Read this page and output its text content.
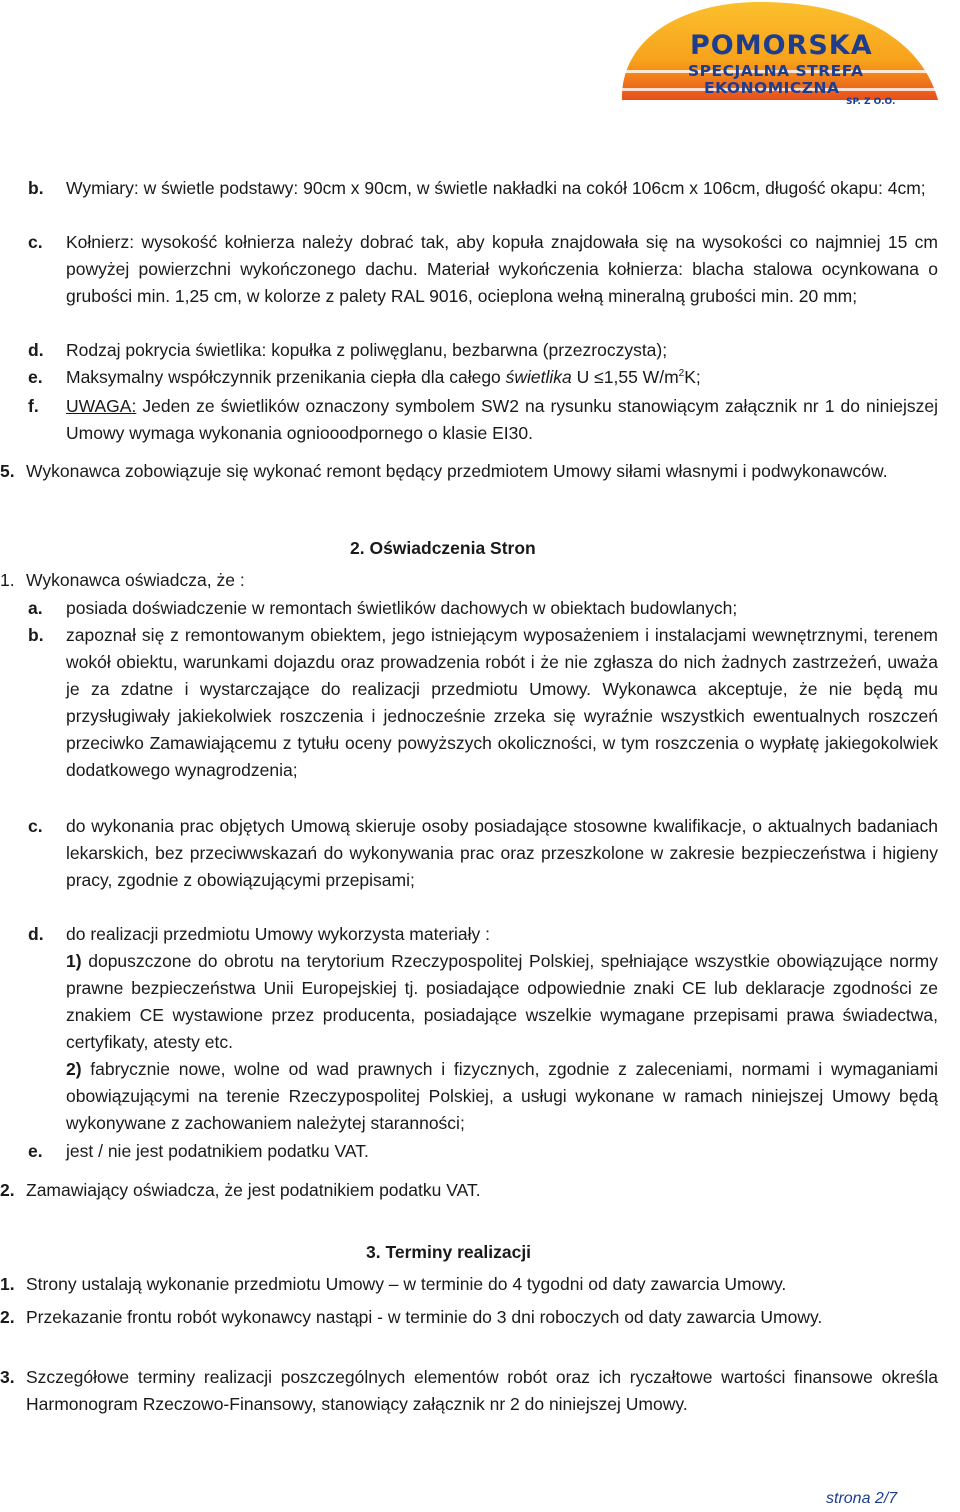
POMORSKA
SPECJALNA STREFA
EKONOMICZNA
SP. Z O.O.
b. Wymiary: w świetle podstawy: 90cm x 90cm, w świetle nakładki na cokół 106cm x 106cm, długość okapu: 4cm;
c. Kołnierz: wysokość kołnierza należy dobrać tak, aby kopuła znajdowała się na wysokości co najmniej 15 cm powyżej powierzchni wykończonego dachu. Materiał wykończenia kołnierza: blacha stalowa ocynkowana o grubości min. 1,25 cm, w kolorze z palety RAL 9016, ocieplona wełną mineralną grubości min. 20 mm;
d. Rodzaj pokrycia świetlika: kopułka z poliwęglanu, bezbarwna (przezroczysta);
e. Maksymalny współczynnik przenikania ciepła dla całego świetlika U ≤1,55 $W/m^2K$;
f. UWAGA: Jeden ze świetlików oznaczony symbolem SW2 na rysunku stanowiącym załącznik nr 1 do niniejszej Umowy wymaga wykonania ogniooodpornego o klasie EI30.
5. Wykonawca zobowiązuje się wykonać remont będący przedmiotem Umowy siłami własnymi i podwykonawców.
2. Oświadczenia Stron
1. Wykonawca oświadcza, że :
a. posiada doświadczenie w remontach świetlików dachowych w obiektach budowlanych;
b. zapoznał się z remontowanym obiektem, jego istniejącym wyposażeniem i instalacjami wewnętrznymi, terenem wokół obiektu, warunkami dojazdu oraz prowadzenia robót i że nie zgłasza do nich żadnych zastrzeżeń, uważa je za zdatne i wystarczające do realizacji przedmiotu Umowy. Wykonawca akceptuje, że nie będą mu przysługiwały jakiekolwiek roszczenia i jednocześnie zrzeka się wyraźnie wszystkich ewentualnych roszczeń przeciwko Zamawiającemu z tytułu oceny powyższych okoliczności, w tym roszczenia o wypłatę jakiegokolwiek dodatkowego wynagrodzenia;
c. do wykonania prac objętych Umową skieruje osoby posiadające stosowne kwalifikacje, o aktualnych badaniach lekarskich, bez przeciwwskazań do wykonywania prac oraz przeszkolone w zakresie bezpieczeństwa i higieny pracy, zgodnie z obowiązującymi przepisami;
d. do realizacji przedmiotu Umowy wykorzysta materiały :
1) dopuszczone do obrotu na terytorium Rzeczypospolitej Polskiej, spełniające wszystkie obowiązujące normy prawne bezpieczeństwa Unii Europejskiej tj. posiadające odpowiednie znaki CE lub deklaracje zgodności ze znakiem CE wystawione przez producenta, posiadające wszelkie wymagane przepisami prawa świadectwa, certyfikaty, atesty etc.
2) fabrycznie nowe, wolne od wad prawnych i fizycznych, zgodnie z zaleceniami, normami i wymaganiami obowiązującymi na terenie Rzeczypospolitej Polskiej, a usługi wykonane w ramach niniejszej Umowy będą wykonywane z zachowaniem należytej staranności;
e. jest / nie jest podatnikiem podatku VAT.
2. Zamawiający oświadcza, że jest podatnikiem podatku VAT.
3. Terminy realizacji
1. Strony ustalają wykonanie przedmiotu Umowy – w terminie do 4 tygodni od daty zawarcia Umowy.
2. Przekazanie frontu robót wykonawcy nastąpi - w terminie do 3 dni roboczych od daty zawarcia Umowy.
3. Szczegółowe terminy realizacji poszczególnych elementów robót oraz ich ryczałtowe wartości finansowe określa Harmonogram Rzeczowo-Finansowy, stanowiący załącznik nr 2 do niniejszej Umowy.
strona 2/7
